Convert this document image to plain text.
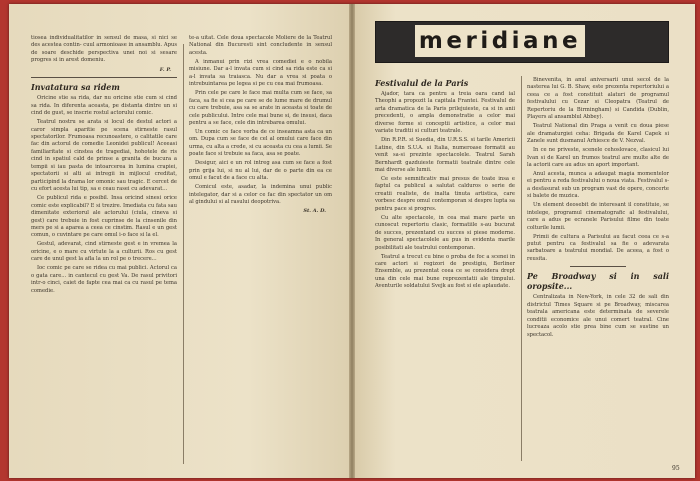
tiosea individualitatilor in sensul de masa, si nici se des acestea contin- cuul armonioase in ansamblu. Apus de soare deschide perspectiva unei noi si sesare progres si in arest domeniu.

F. P.
Invatatura sa ridem

Oricine stie sa rida, dar nu oricine stie cum si cind sa rida. In diferenta aceasta, pe distanta dintre un si cind de gust, se inscrie rostul actorului comic.

Teatrul nostru se arata si locul de destul actori a caror simpla aparitie pe scena stirneste rasul spectatorilor. Frumoasa recunoastere, o calitatile care fac din actorul de comedie Leonidei publicul! Aceeasi familiaritate si cinstea de tragediai, hohotele de ris cind in spatiul cald de prinse a granita de bucura a tempii si iau pasta de intoarcerea in lumina crapiei, spectatorii si alti ai intregii in mijlocul creditat, participind la drama lor omonic sau tragic. E cercet de cu efort acesta lui tip, sa e ceau rasei cu adevarat...

Ce publicul rida e posibil. Insa oricind sinesi orice comic este explicabil? E si trezire. Imediata cu fata sau dimenitate exteriorul ale actorului (ciula, cineva si gest) care trebuie in fost cuprinse de la cinsenile din mers pe si a aparea a ceea ce cinstim. Rasul e un gest comun, o cuvintare pe care omul i-o face si la el.

Gestul, adevarat, cind stirneste gest e in vremea la oricine, e o mare cu virtute la a culturii. Ros cu gest care de unul gest la afla la un rol pe o trecere...

Ioc comic pe care se ridea cu mai publici. Actorul ca o gata care... in cantecul cu gest Va. De rasul privitori intr-o cinci, caiet de fapte cea mai ca cu rasul pe tema comedie.

te-a uitat. Cele doua spectacole Moliere de la Teatrul National din Bucuresti sint concludente in sensul acesta.

A inmanui prin rizi vrea comediei e o nobila misiune. Dar a-l invata cum si cind sa rida este ca si a-l invata sa traiasca. Nu dar a vrea si poata o intrebuintarea pe legea si pe cu cea mai frumoasa.

Prin cele pe care le face mai multa cum se face, sa faca, sa fie si cea pe care se de lume mare de drumul cu care trebuie, asa sa se arate in aceasta si toate de cele publicului. Intre cele mai bune si, de insusi, daca pentru a se face, cele din intrebarea omului.

Un comic ce face vorba de ce inseamna asta ca un om. Dupa cum se face de cel al omului care face din urma, cu alta a crede, si cu aceasta cu cea a lumii. Se poate face si trebuie sa faca, asa se poate.

Desigur, aici e un rol intreg asa cum se face a fost prin grija lui, si nu al lui, dar de o parte din ea ce omul e facut de a face cu alta.

Comicul este, asadar, la indemina unui public intelegator, dar si a celor ce fac din spectator un om al gindului si al rasului deopotriva.

St. A. D.
meridiane
Festivalul de la Paris

Ajador, tara ca pentru a treia oara cand ial Theophi a propozit la capitala Frantei. Festivalul de arta dramatica de la Paris prilejuieste, ca si in anii precedenti, o ampla demonstratie a celor mai diverse forme si conceptii artistice, a celor mai variate traditii si culturi teatrale.

Din R.P.R. si Suedia, din U.R.S.S. si tarile Americii Latine, din S.U.A. si Italia, numeroase formatii au venit sa-si prezinte spectacolele. Teatrul Sarah Bernhardt gazduieste formatii teatrale dintre cele mai diverse ale lumii.

Ce este semnificativ mai presus de toate insa e faptul ca publicul a salutat calduros o serie de creatii realiste, de inalta tinuta artistica, care vorbesc despre omul contemporan si despre lupta sa pentru pace si progres.

Cu alte spectacole, in cea mai mare parte un cunoscut repertoriu clasic, formatiile s-au bucurat de succes, prezentand cu succes si piese moderne. In general spectacolele au pus in evidenta marile posibilitati ale teatrului contemporan.

Teatrul a trecut cu bine o proba de foc a scenei in care actori si regizori de prestigiu, Berliner Ensemble, au prezentat ceea ce se considera drept una din cele mai bune reprezentatii ale timpului. Aventurile soldatului Svejk au fost si ele aplaudate.

Binevenita, in anul aniversarii unui secol de la nasterea lui G. B. Shaw, este prezenta repertoriului a ceea ce a fost constituit alaturi de programul festivalului cu Cezar si Cleopatra (Teatrul de Repertoriu de la Birmingham) si Candida (Dublin, Players al ansamblul Abbey).

Teatrul National din Praga a venit cu doua piese ale dramaturgiei ceha: Brigada de Karel Capek si Zanele sunt dusmanul Arhiesce de V. Nezval.

In ce ne priveste, scenele cehoslovace, clasicul lui Ivan si de Karel un frumos teatrul are multe alte de la actorii care au adus un aport important.

Anul acesta, munca a adaugat magia momentelor ei pentru a reda festivalului o noua viata. Festivalul s-a desfasurat sub un program vast de opere, concerte si balete de muzica.

Un element deosebit de interesant il constituie, se intelege, programul cinematografic al festivalului, care a adus pe ecranele Parisului filme din toate colturile lumii.

Primii de cultura a Parisului au facut ceea ce s-a putut pentru ca festivalul sa fie o adevarata sarbatoare a teatrului mondial. De aceea, a fost o reusita.

Pe Broadway si in sali oropsite...

Centralizata in New-York, in cele 32 de sali din districtul Times Square si pe Broadway, miscarea teatrala americana este determinata de severele conditii economice ale unui comert teatral. Cine lucreaza acolo stie prea bine cum se sustine un spectacol.

95
